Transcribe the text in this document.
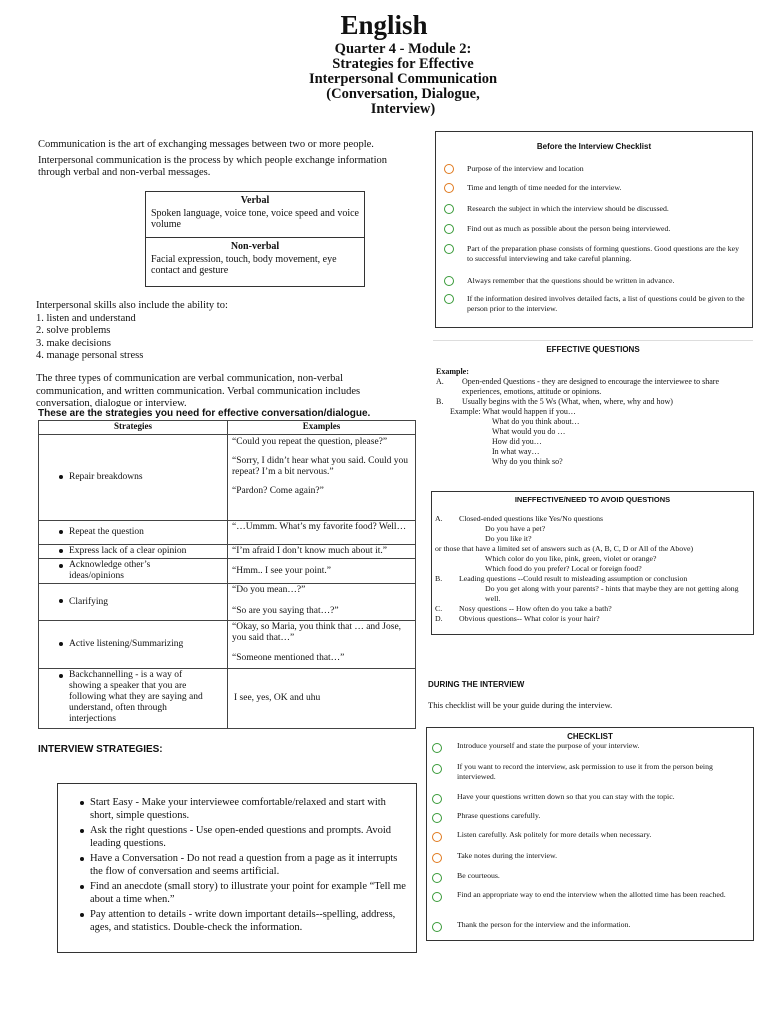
English
Quarter 4 - Module 2:
Strategies for Effective
Interpersonal Communication
(Conversation, Dialogue,
Interview)
Communication is the art of exchanging messages between two or more people.
Interpersonal communication is the process by which people exchange information
through verbal and non-verbal messages.
Verbal
Spoken language, voice tone, voice speed and voice volume
Non-verbal
Facial expression, touch, body movement, eye contact and gesture
Interpersonal skills also include the ability to:
1. listen and understand
2. solve problems
3. make decisions
4. manage personal stress
The three types of communication are verbal communication, non-verbal
communication, and written communication. Verbal communication includes
conversation, dialogue or interview.
These are the strategies you need for effective conversation/dialogue.
Strategies	Examples
Repair breakdowns	“Could you repeat the question, please?”
“Sorry, I didn’t hear what you said. Could you repeat? I’m a bit nervous.”
“Pardon? Come again?”

Repeat the question	“…Ummm. What’s my favorite food? Well…

Express lack of a clear opinion	“I’m afraid I don’t know much about it.”

Acknowledge other’s ideas/opinions	“Hmm.. I see your point.”

Clarifying	“Do you mean…?”
“So are you saying that…?”

Active listening/Summarizing	“Okay, so Maria, you think that … and Jose, you said that…”
“Someone mentioned that…”

Backchannelling - is a way of showing a speaker that you are following what they are saying and understand, often through interjections	I see, yes, OK and uhu
INTERVIEW STRATEGIES:
Start Easy - Make your interviewee comfortable/relaxed and start with short, simple questions.
Ask the right questions - Use open-ended questions and prompts. Avoid leading questions.
Have a Conversation - Do not read a question from a page as it interrupts the flow of conversation and seems artificial.
Find an anecdote (small story) to illustrate your point for example “Tell me about a time when.”
Pay attention to details - write down important details--spelling, address, ages, and statistics. Double-check the information.
Before the Interview Checklist
Purpose of the interview and location
Time and length of time needed for the interview.
Research the subject in which the interview should be discussed.
Find out as much as possible about the person being interviewed.
Part of the preparation phase consists of forming questions. Good questions are the key to successful interviewing and take careful planning.
Always remember that the questions should be written in advance.
If the information desired involves detailed facts, a list of questions could be given to the person prior to the interview.
EFFECTIVE QUESTIONS
Example:
A.	Open-ended Questions - they are designed to encourage the interviewee to share experiences, emotions, attitude or opinions.
B.	Usually begins with the 5 Ws (What, when, where, why and how)
Example: What would happen if you…
What do you think about…
What would you do …
How did you…
In what way…
Why do you think so?
INEFFECTIVE/NEED TO AVOID QUESTIONS
A.	Closed-ended questions like Yes/No questions
Do you have a pet?
Do you like it?
or those that have a limited set of answers such as (A, B, C, D or All of the Above)
Which color do you like, pink, green, violet or orange?
Which food do you prefer? Local or foreign food?
B.	Leading questions --Could result to misleading assumption or conclusion
Do you get along with your parents? - hints that maybe they are not getting along well.
C.	Nosy questions -- How often do you take a bath?
D.	Obvious questions-- What color is your hair?
DURING THE INTERVIEW
This checklist will be your guide during the interview.
CHECKLIST
Introduce yourself and state the purpose of your interview.
If you want to record the interview, ask permission to use it from the person being interviewed.
Have your questions written down so that you can stay with the topic.
Phrase questions carefully.
Listen carefully. Ask politely for more details when necessary.
Take notes during the interview.
Be courteous.
Find an appropriate way to end the interview when the allotted time has been reached.
Thank the person for the interview and the information.
